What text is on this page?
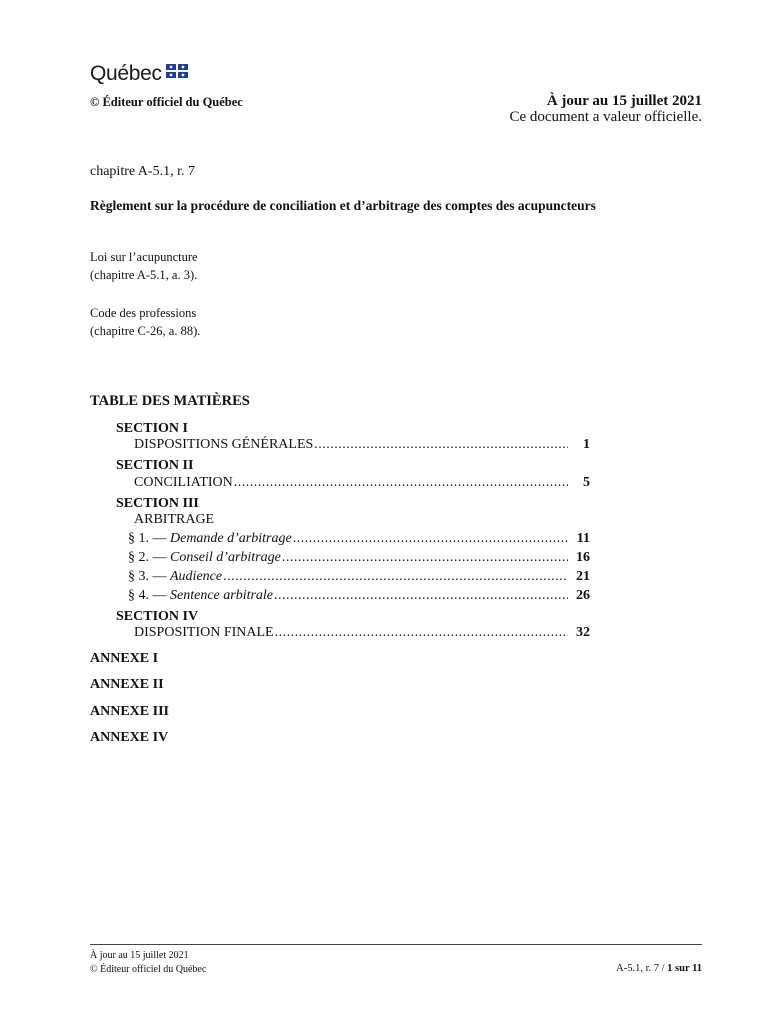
Québec
© Éditeur officiel du Québec	À jour au 15 juillet 2021
Ce document a valeur officielle.
chapitre A-5.1, r. 7
Règlement sur la procédure de conciliation et d’arbitrage des comptes des acupuncteurs
Loi sur l’acupuncture
(chapitre A-5.1, a. 3).
Code des professions
(chapitre C-26, a. 88).
TABLE DES MATIÈRES
SECTION I
DISPOSITIONS GÉNÉRALES .....	1
SECTION II
CONCILIATION .....	5
SECTION III
ARBITRAGE
§ 1. — Demande d’arbitrage .....	11
§ 2. — Conseil d’arbitrage .....	16
§ 3. — Audience .....	21
§ 4. — Sentence arbitrale .....	26
SECTION IV
DISPOSITION FINALE .....	32
ANNEXE I
ANNEXE II
ANNEXE III
ANNEXE IV
À jour au 15 juillet 2021
© Éditeur officiel du Québec	A-5.1, r. 7 / 1 sur 11
